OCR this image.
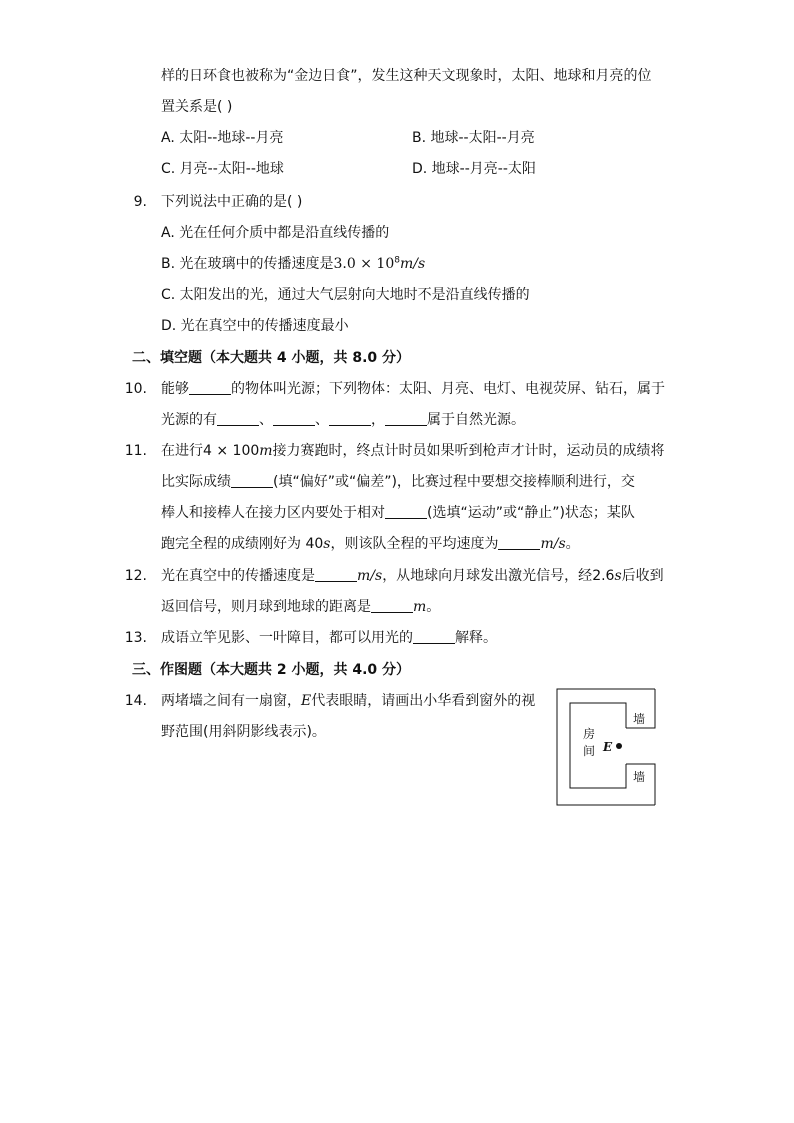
样的日环食也被称为“金边日食”，发生这种天文现象时，太阳、地球和月亮的位
置关系是( )
A. 太阳--地球--月亮	B. 地球--太阳--月亮
C. 月亮--太阳--地球	D. 地球--月亮--太阳
9. 下列说法中正确的是( )
A. 光在任何介质中都是沿直线传播的
B. 光在玻璃中的传播速度是$3.0 \times 10^8m/s$
C. 太阳发出的光，通过大气层射向大地时不是沿直线传播的
D. 光在真空中的传播速度最小
二、填空题（本大题共 4 小题，共 8.0 分）
10. 能够	的物体叫光源；下列物体：太阳、月亮、电灯、电视荧屏、钻石，属于
光源的有	、	、	，	属于自然光源。
11. 在进行4 × 100m接力赛跑时，终点计时员如果听到枪声才计时，运动员的成绩将
比实际成绩	(填“偏好”或“偏差”)，比赛过程中要想交接棒顺利进行，交
棒人和接棒人在接力区内要处于相对	(选填“运动”或“静止”)状态；某队
跑完全程的成绩刚好为 40s，则该队全程的平均速度为	m/s。
12. 光在真空中的传播速度是	m/s，从地球向月球发出激光信号，经2.6s后收到
返回信号，则月球到地球的距离是	m。
13. 成语立竿见影、一叶障目，都可以用光的	解释。
三、作图题（本大题共 2 小题，共 4.0 分）
14. 两堵墙之间有一扇窗，E代表眼睛，请画出小华看到窗外的视
野范围(用斜阴影线表示)。	房
间 E
墙
墙
